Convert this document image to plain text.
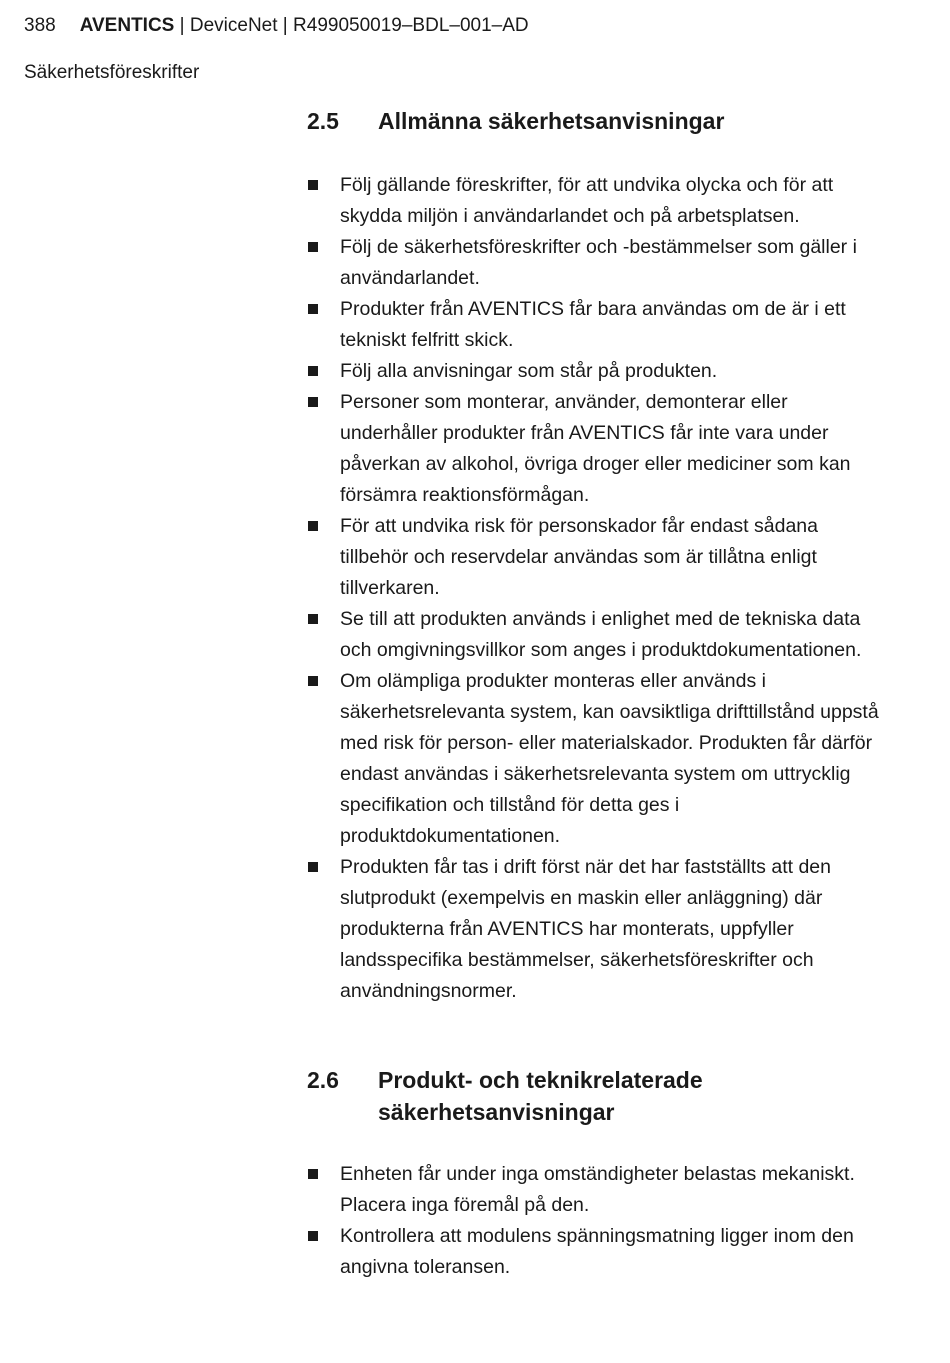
388 AVENTICS | DeviceNet | R499050019–BDL–001–AD
Säkerhetsföreskrifter
2.5	Allmänna säkerhetsanvisningar
Följ gällande föreskrifter, för att undvika olycka och för att skydda miljön i användarlandet och på arbetsplatsen.
Följ de säkerhetsföreskrifter och -bestämmelser som gäller i användarlandet.
Produkter från AVENTICS får bara användas om de är i ett tekniskt felfritt skick.
Följ alla anvisningar som står på produkten.
Personer som monterar, använder, demonterar eller underhåller produkter från AVENTICS får inte vara under påverkan av alkohol, övriga droger eller mediciner som kan försämra reaktionsförmågan.
För att undvika risk för personskador får endast sådana tillbehör och reservdelar användas som är tillåtna enligt tillverkaren.
Se till att produkten används i enlighet med de tekniska data och omgivningsvillkor som anges i produktdokumentationen.
Om olämpliga produkter monteras eller används i säkerhetsrelevanta system, kan oavsiktliga drifttillstånd uppstå med risk för person- eller materialskador. Produkten får därför endast användas i säkerhetsrelevanta system om uttrycklig specifikation och tillstånd för detta ges i produktdokumentationen.
Produkten får tas i drift först när det har fastställts att den slutprodukt (exempelvis en maskin eller anläggning) där produkterna från AVENTICS har monterats, uppfyller landsspecifika bestämmelser, säkerhetsföreskrifter och användningsnormer.
2.6	Produkt- och teknikrelaterade säkerhetsanvisningar
Enheten får under inga omständigheter belastas mekaniskt. Placera inga föremål på den.
Kontrollera att modulens spänningsmatning ligger inom den angivna toleransen.
